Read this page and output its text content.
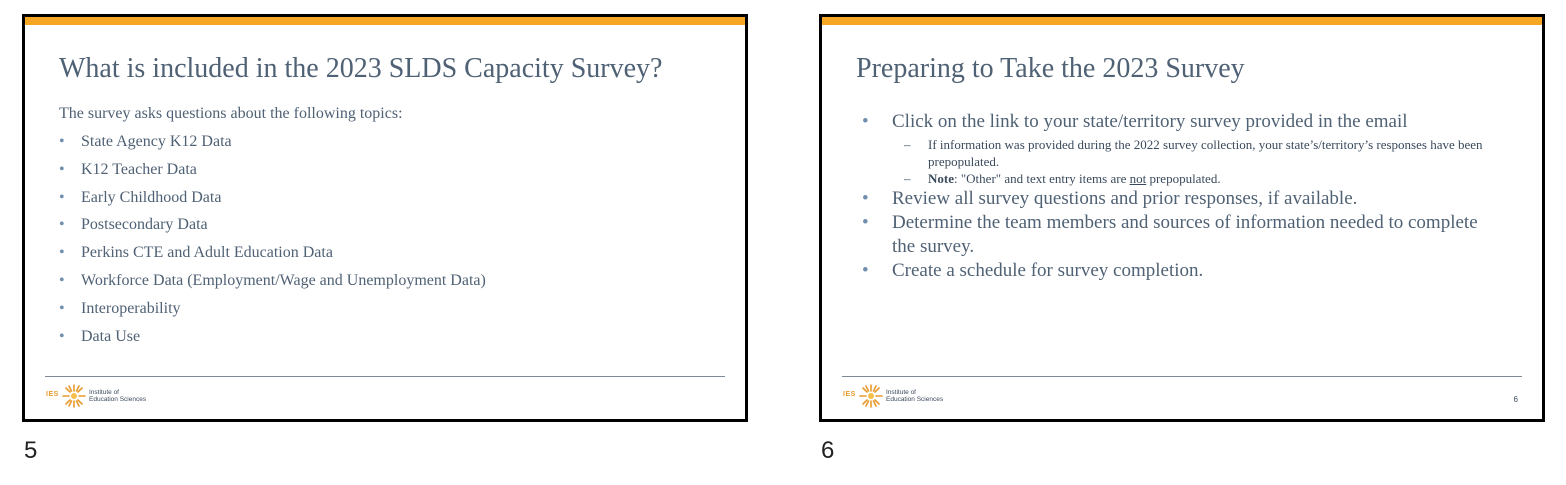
What is included in the 2023 SLDS Capacity Survey?
The survey asks questions about the following topics:
• State Agency K12 Data
• K12 Teacher Data
• Early Childhood Data
• Postsecondary Data
• Perkins CTE and Adult Education Data
• Workforce Data (Employment/Wage and Unemployment Data)
• Interoperability
• Data Use
IES	Institute of
Education Sciences
5
Preparing to Take the 2023 Survey
• Click on the link to your state/territory survey provided in the email
– If information was provided during the 2022 survey collection, your state’s/territory’s responses have been prepopulated.
– Note: "Other" and text entry items are not prepopulated.
• Review all survey questions and prior responses, if available.
• Determine the team members and sources of information needed to complete the survey.
• Create a schedule for survey completion.
IES	Institute of
Education Sciences	6
6
